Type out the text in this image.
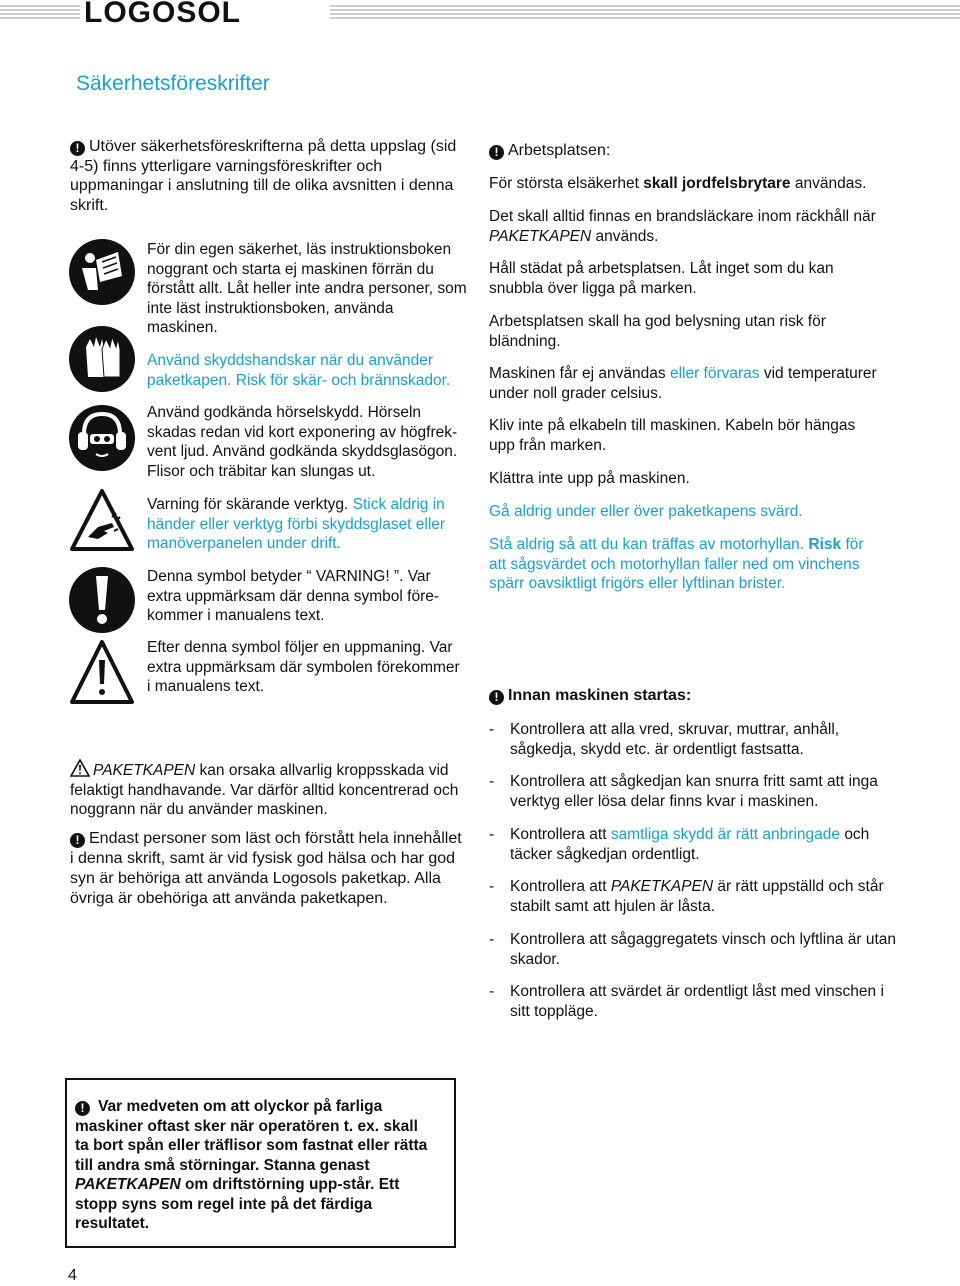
LOGOSOL
Säkerhetsföreskrifter
! Utöver säkerhetsföreskrifterna på detta uppslag (sid 4-5) finns ytterligare varningsföreskrifter och uppmaningar i anslutning till de olika avsnitten i denna skrift.
För din egen säkerhet, läs instruktionsboken noggrant och starta ej maskinen förrän du förstått allt. Låt heller inte andra personer, som inte läst instruktionsboken, använda maskinen.
Använd skyddshandskar när du använder paketkapen. Risk för skär- och brännskador.
Använd godkända hörselskydd. Hörseln skadas redan vid kort exponering av högfrek-vent ljud. Använd godkända skyddsglasögon. Flisor och träbitar kan slungas ut.
Varning för skärande verktyg. Stick aldrig in händer eller verktyg förbi skyddsglaset eller manöverpanelen under drift.
Denna symbol betyder “ VARNING! ”. Var extra uppmärksam där denna symbol före-kommer i manualens text.
Efter denna symbol följer en uppmaning. Var extra uppmärksam där symbolen förekommer i manualens text.
PAKETKAPEN kan orsaka allvarlig kroppsskada vid felaktigt handhavande. Var därför alltid koncentrerad och noggrann när du använder maskinen.
! Endast personer som läst och förstått hela innehållet i denna skrift, samt är vid fysisk god hälsa och har god syn är behöriga att använda Logosols paketkap. Alla övriga är obehöriga att använda paketkapen.
! Var medveten om att olyckor på farliga maskiner oftast sker när operatören t. ex. skall ta bort spån eller träflisor som fastnat eller rätta till andra små störningar. Stanna genast PAKETKAPEN om driftstörning upp-står. Ett stopp syns som regel inte på det färdiga resultatet.
! Arbetsplatsen:
För största elsäkerhet skall jordfelsbrytare användas.
Det skall alltid finnas en brandsläckare inom räckhåll när PAKETKAPEN används.
Håll städat på arbetsplatsen. Låt inget som du kan snubbla över ligga på marken.
Arbetsplatsen skall ha god belysning utan risk för bländning.
Maskinen får ej användas eller förvaras vid temperaturer under noll grader celsius.
Kliv inte på elkabeln till maskinen. Kabeln bör hängas upp från marken.
Klättra inte upp på maskinen.
Gå aldrig under eller över paketkapens svärd.
Stå aldrig så att du kan träffas av motorhyllan. Risk för att sågsvärdet och motorhyllan faller ned om vinchens spärr oavsiktligt frigörs eller lyftlinan brister.
! Innan maskinen startas:
- Kontrollera att alla vred, skruvar, muttrar, anhåll, sågkedja, skydd etc. är ordentligt fastsatta.
- Kontrollera att sågkedjan kan snurra fritt samt att inga verktyg eller lösa delar finns kvar i maskinen.
- Kontrollera att samtliga skydd är rätt anbringade och täcker sågkedjan ordentligt.
- Kontrollera att PAKETKAPEN är rätt uppställd och står stabilt samt att hjulen är låsta.
- Kontrollera att sågaggregatets vinsch och lyftlina är utan skador.
- Kontrollera att svärdet är ordentligt låst med vinschen i sitt toppläge.
4
